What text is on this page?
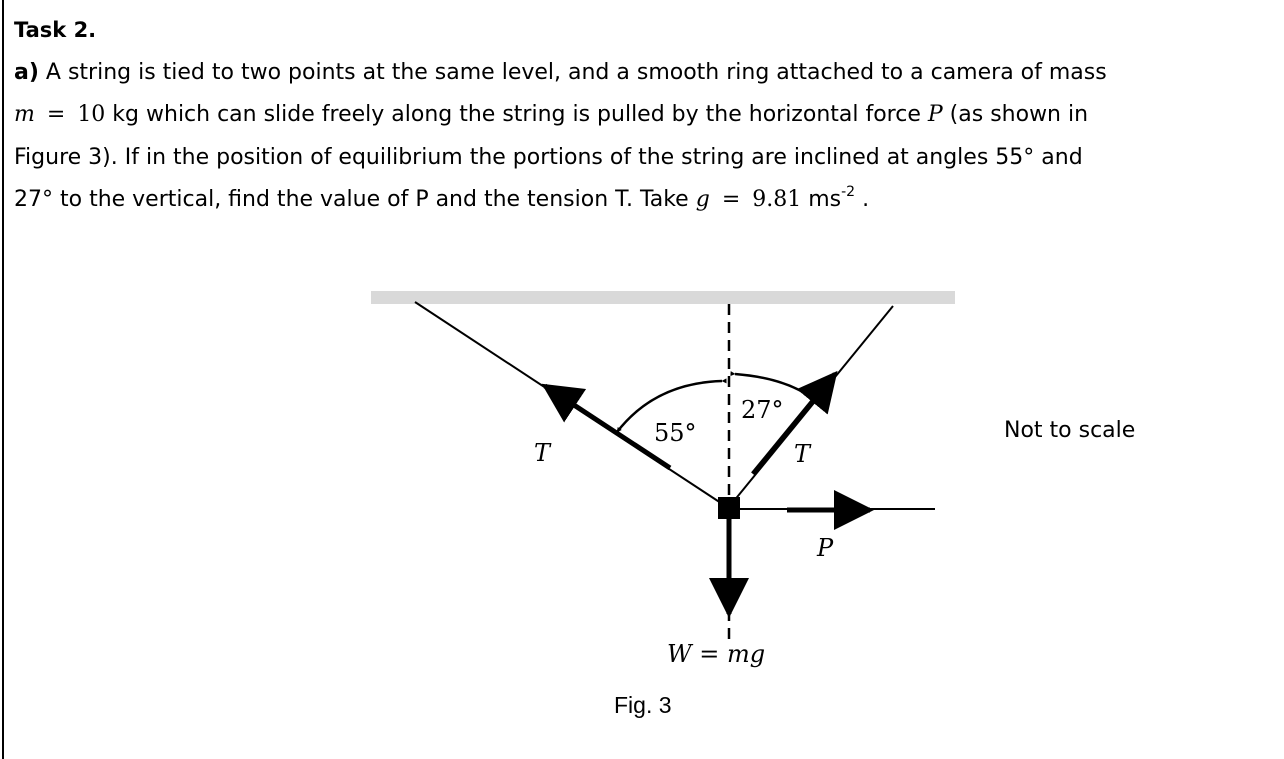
Task 2.

a) A string is tied to two points at the same level, and a smooth ring attached to a camera of mass

m = 10 kg which can slide freely along the string is pulled by the horizontal force P (as shown in

Figure 3). If in the position of equilibrium the portions of the string are inclined at angles 55° and

27° to the vertical, find the value of P and the tension T. Take g = 9.81 $ms^{-2}$ .

55°
27°
T	T
P
W = mg
Not to scale
Fig. 3
